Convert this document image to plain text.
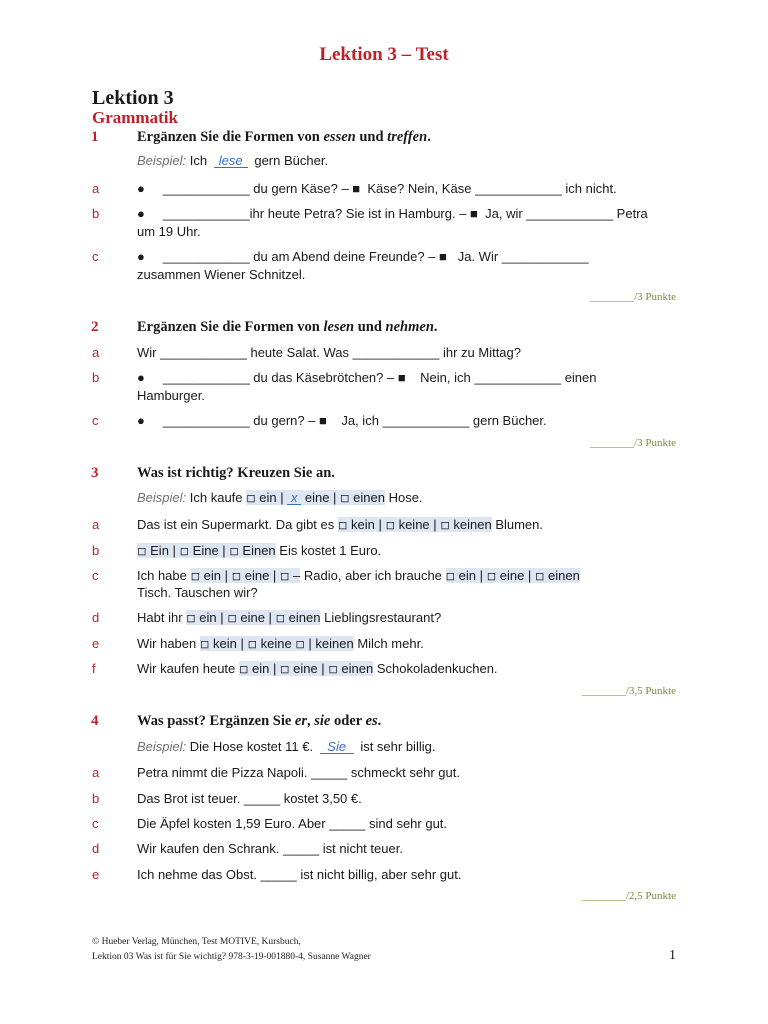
Lektion 3 – Test
Lektion 3
Grammatik
1	Ergänzen Sie die Formen von essen und treffen.
Beispiel: Ich lese gern Bücher.
a	●     ____________ du gern Käse? – ■  Käse? Nein, Käse ____________ ich nicht.
b	●     ____________ihr heute Petra? Sie ist in Hamburg. – ■  Ja, wir ____________ Petra
um 19 Uhr.
c	●     ____________ du am Abend deine Freunde? – ■   Ja. Wir ____________
zusammen Wiener Schnitzel.
________/3 Punkte
2	Ergänzen Sie die Formen von lesen und nehmen.
a	Wir ____________ heute Salat. Was ____________ ihr zu Mittag?
b	●     ____________ du das Käsebrötchen? – ■    Nein, ich ____________ einen
Hamburger.
c	●     ____________ du gern? – ■    Ja, ich ____________ gern Bücher.
________/3 Punkte
3	Was ist richtig? Kreuzen Sie an.
Beispiel: Ich kaufe ◽ ein | x eine | ◽ einen Hose.
a	Das ist ein Supermarkt. Da gibt es ◽ kein | ◽ keine | ◽ keinen Blumen.
b	◽ Ein | ◽ Eine | ◽ Einen Eis kostet 1 Euro.
c	Ich habe ◽ ein | ◽ eine | ◽ – Radio, aber ich brauche ◽ ein | ◽ eine | ◽ einen
Tisch. Tauschen wir?
d	Habt ihr ◽ ein | ◽ eine | ◽ einen Lieblingsrestaurant?
e	Wir haben ◽ kein | ◽ keine ◽ | keinen Milch mehr.
f	Wir kaufen heute ◽ ein | ◽ eine | ◽ einen Schokoladenkuchen.
________/3,5 Punkte
4	Was passt? Ergänzen Sie er, sie oder es.
Beispiel: Die Hose kostet 11 €. Sie ist sehr billig.
a	Petra nimmt die Pizza Napoli. _____ schmeckt sehr gut.
b	Das Brot ist teuer. _____ kostet 3,50 €.
c	Die Äpfel kosten 1,59 Euro. Aber _____ sind sehr gut.
d	Wir kaufen den Schrank. _____ ist nicht teuer.
e	Ich nehme das Obst. _____ ist nicht billig, aber sehr gut.
________/2,5 Punkte
© Hueber Verlag, München, Test MOTIVE, Kursbuch,
Lektion 03 Was ist für Sie wichtig? 978-3-19-001880-4, Susanne Wagner	1
